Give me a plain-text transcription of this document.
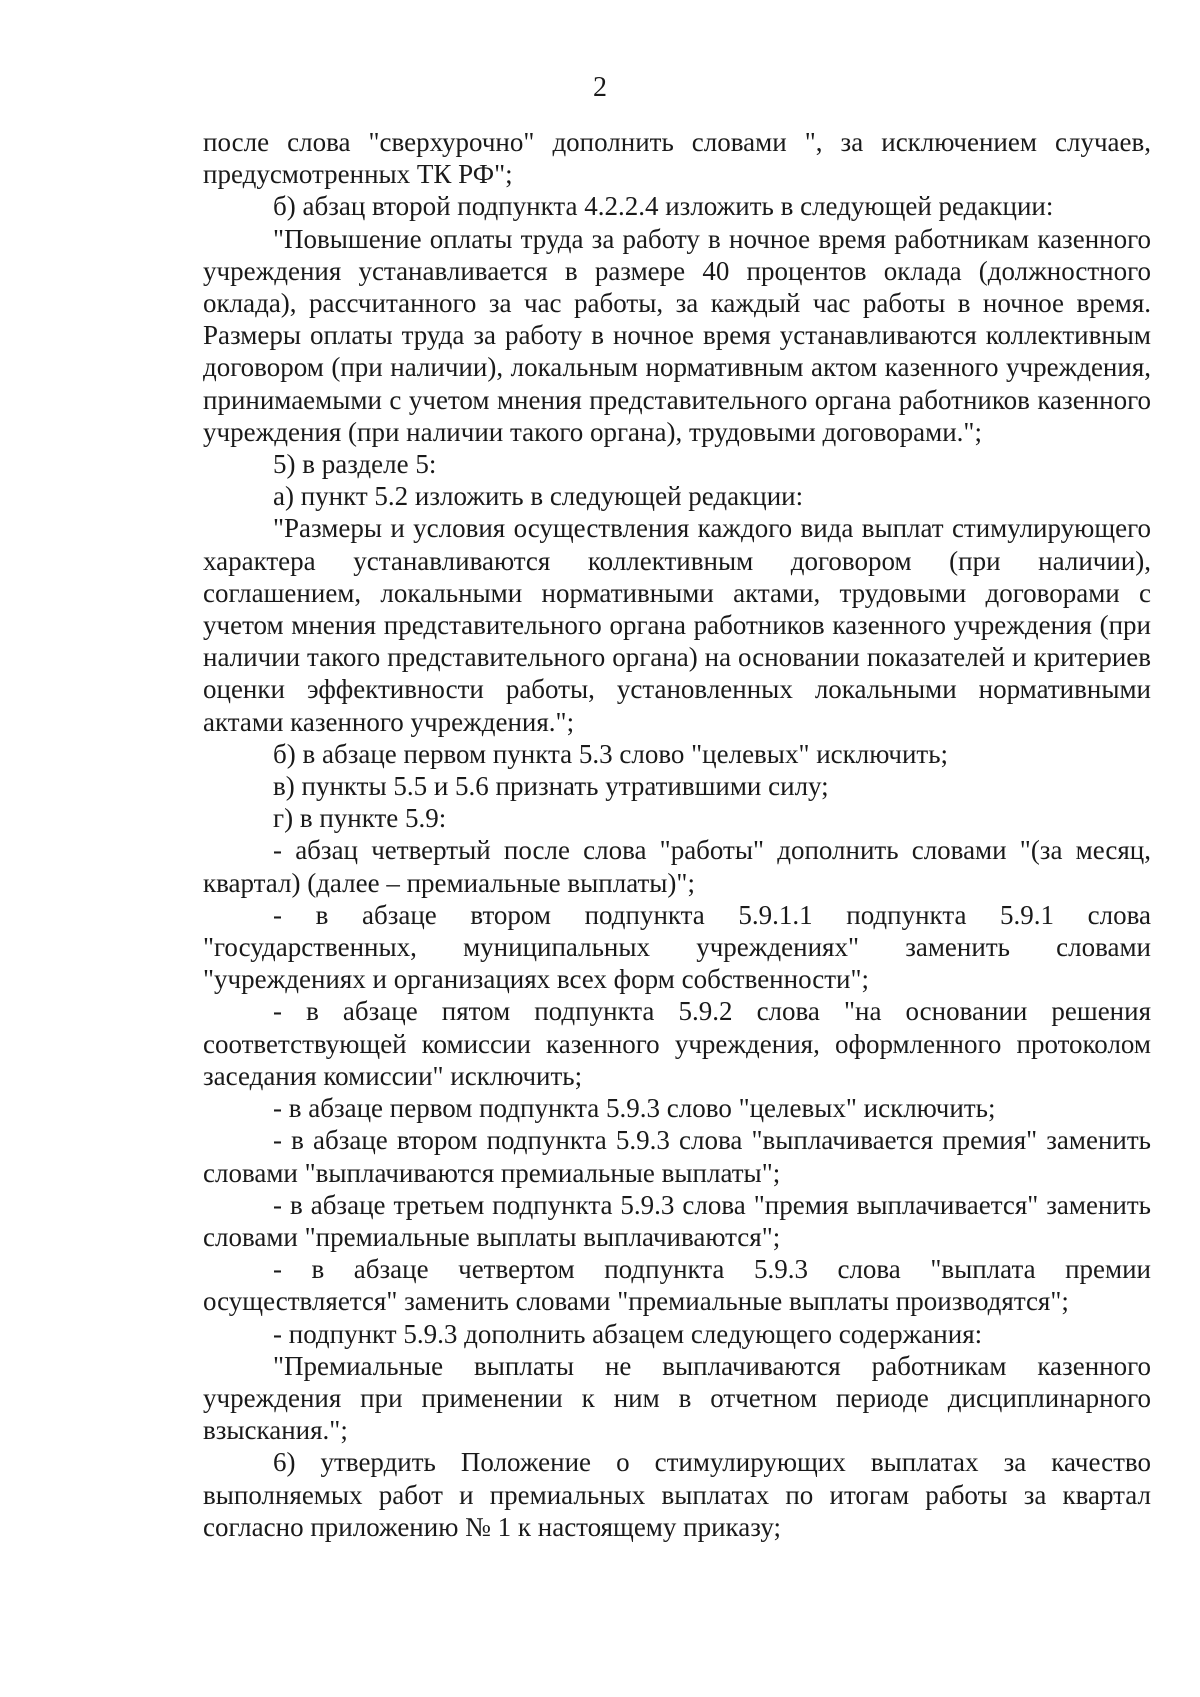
2

после слова "сверхурочно" дополнить словами ", за исключением случаев, предусмотренных ТК РФ";

б) абзац второй подпункта 4.2.2.4 изложить в следующей редакции:

"Повышение оплаты труда за работу в ночное время работникам казенного учреждения устанавливается в размере 40 процентов оклада (должностного оклада), рассчитанного за час работы, за каждый час работы в ночное время. Размеры оплаты труда за работу в ночное время устанавливаются коллективным договором (при наличии), локальным нормативным актом казенного учреждения, принимаемыми с учетом мнения представительного органа работников казенного учреждения (при наличии такого органа), трудовыми договорами.";

5) в разделе 5:

а) пункт 5.2 изложить в следующей редакции:

"Размеры и условия осуществления каждого вида выплат стимулирующего характера устанавливаются коллективным договором (при наличии), соглашением, локальными нормативными актами, трудовыми договорами с учетом мнения представительного органа работников казенного учреждения (при наличии такого представительного органа) на основании показателей и критериев оценки эффективности работы, установленных локальными нормативными актами казенного учреждения.";

б) в абзаце первом пункта 5.3 слово "целевых" исключить;

в) пункты 5.5 и 5.6 признать утратившими силу;

г) в пункте 5.9:

- абзац четвертый после слова "работы" дополнить словами "(за месяц, квартал) (далее – премиальные выплаты)";

- в абзаце втором подпункта 5.9.1.1 подпункта 5.9.1 слова "государственных, муниципальных учреждениях" заменить словами "учреждениях и организациях всех форм собственности";

- в абзаце пятом подпункта 5.9.2 слова "на основании решения соответствующей комиссии казенного учреждения, оформленного протоколом заседания комиссии" исключить;

- в абзаце первом подпункта 5.9.3 слово "целевых" исключить;

- в абзаце втором подпункта 5.9.3 слова "выплачивается премия" заменить словами "выплачиваются премиальные выплаты";

- в абзаце третьем подпункта 5.9.3 слова "премия выплачивается" заменить словами "премиальные выплаты выплачиваются";

- в абзаце четвертом подпункта 5.9.3 слова "выплата премии осуществляется" заменить словами "премиальные выплаты производятся";

- подпункт 5.9.3 дополнить абзацем следующего содержания:

"Премиальные выплаты не выплачиваются работникам казенного учреждения при применении к ним в отчетном периоде дисциплинарного взыскания.";

6) утвердить Положение о стимулирующих выплатах за качество выполняемых работ и премиальных выплатах по итогам работы за квартал согласно приложению № 1 к настоящему приказу;
